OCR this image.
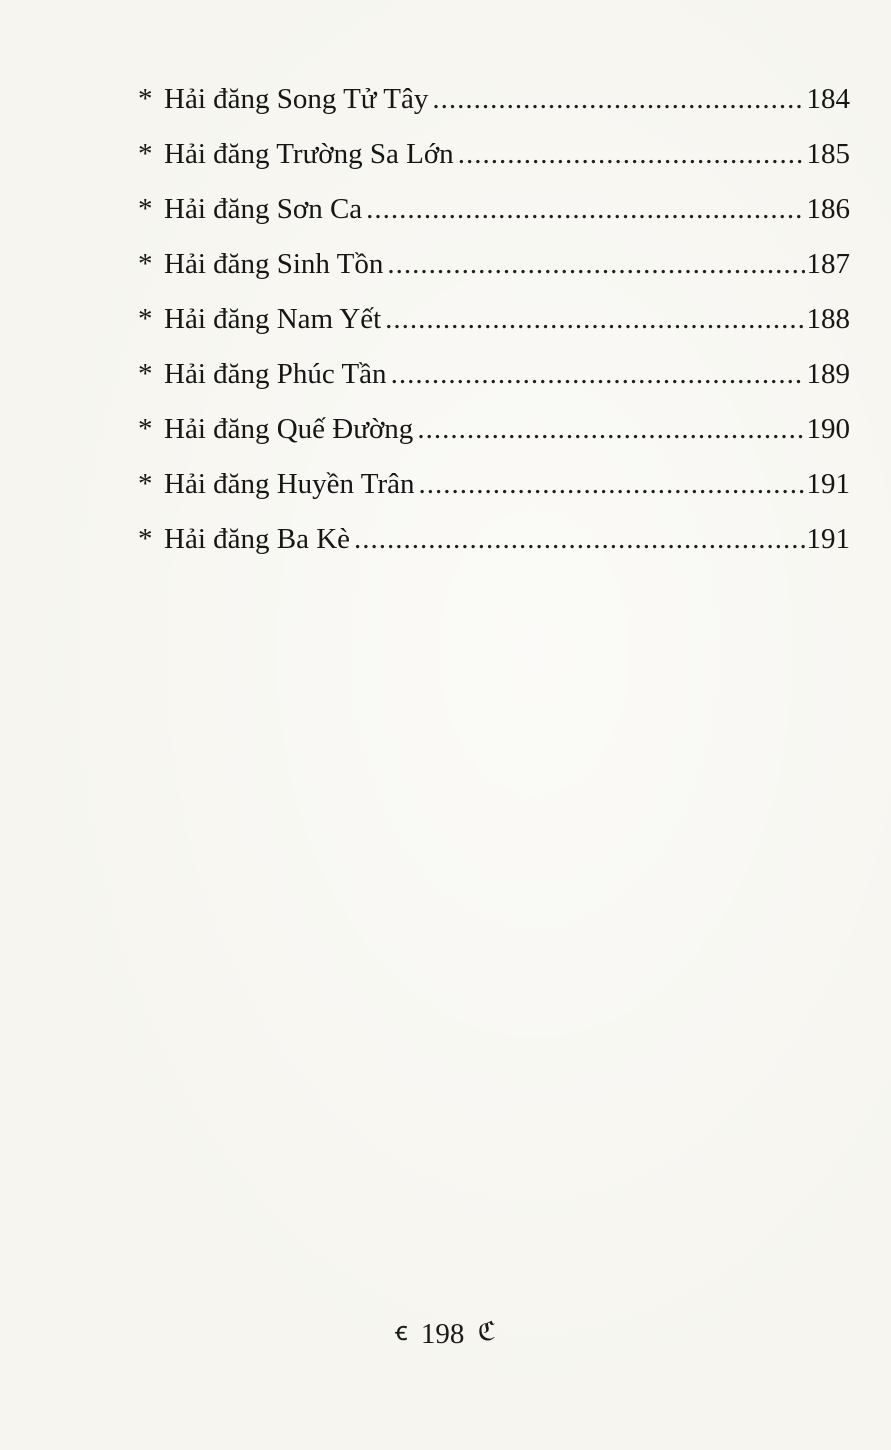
* Hải đăng Song Tử Tây .....	184
* Hải đăng Trường Sa Lớn .....	185
* Hải đăng Sơn Ca .....	186
* Hải đăng Sinh Tồn .....	187
* Hải đăng Nam Yết .....	188
* Hải đăng Phúc Tần .....	189
* Hải đăng Quế Đường .....	190
* Hải đăng Huyền Trân .....	191
* Hải đăng Ba Kè .....	191
ꞓ 198 ℭ
